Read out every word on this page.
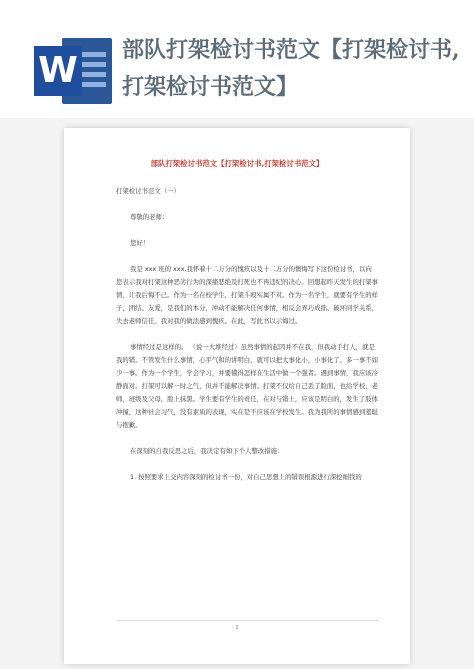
W 部队打架检讨书范文【打架检讨书,打架检讨书范文】
部队打架检讨书范文【打架检讨书,打架检讨书范文】

打架检讨书范文（一）

尊敬的老师：

您好！

我是 xxx 班的 xxx,我怀着十二万分的愧疚以及十二万分的懊悔写下这份检讨书，以向您表示我对打架这种恶劣行为的深痛恶绝及打死也不再违纪的决心。回想起昨天发生的打架事情，让我后悔不已。作为一名在校学生，打架斗殴实属不对。作为一名学生，就要有学生的样子，团结、友爱，是我们的本分，冲动不能解决任何事情，相反会弄巧成拙、破坏同学关系，失去老师信任。我对我的做法感到愧疚。在此，写此书以示悔过。

事情经过是这样的。 （说一大堆经过）虽然事情的起因并不在我，但我动手打人，就是我的错。不管发生什么事情，心平气和的讲明白，就可以把大事化小，小事化了。多一事不如少一事。作为一个学生，学会学习，并要懂得怎样在生活中做一个强者。遇到事情，我应该冷静面对。打架可以解一时之气，但并不能解决事情。打架不仅给自己丢了脸面，也给学校，老师，班级及父母，脸上抹黑。学生要有学生的责任，在对与错上，应该是明白的，发生了肢体冲撞，这种社会习气，没有素质的表现，实在是不应该在学校发生。我为我所的事情感到羞耻与抱歉。

在深刻的自我反思之后，我决定有如下个人整改措施：

1. 按照要求上交内容深刻的检讨书一份，对自己思想上的错误根源进行深挖细找的

1
